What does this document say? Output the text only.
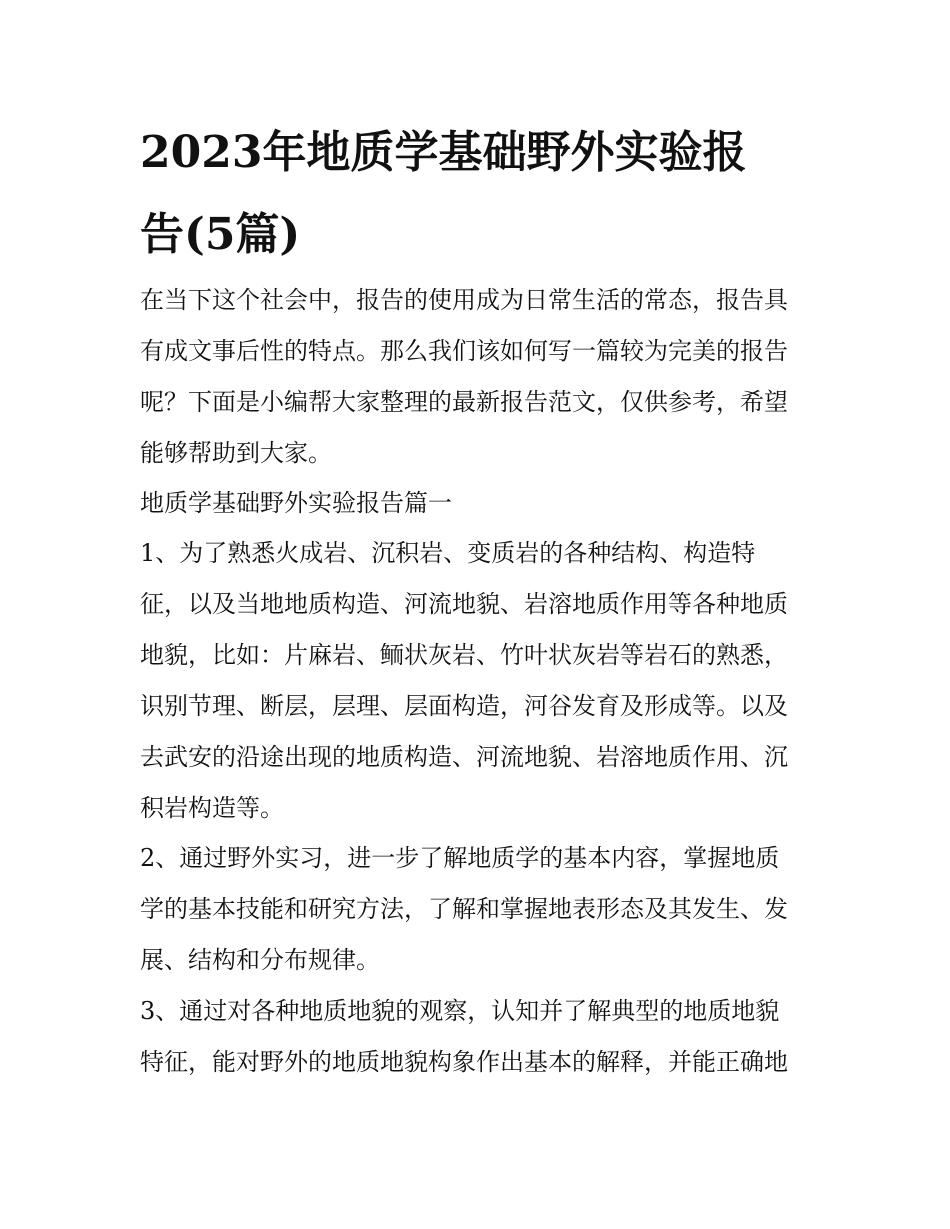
2023年地质学基础野外实验报
告(5篇)
在当下这个社会中，报告的使用成为日常生活的常态，报告具
有成文事后性的特点。那么我们该如何写一篇较为完美的报告
呢？下面是小编帮大家整理的最新报告范文，仅供参考，希望
能够帮助到大家。
地质学基础野外实验报告篇一
1、为了熟悉火成岩、沉积岩、变质岩的各种结构、构造特
征，以及当地地质构造、河流地貌、岩溶地质作用等各种地质
地貌，比如：片麻岩、鲕状灰岩、竹叶状灰岩等岩石的熟悉，
识别节理、断层，层理、层面构造，河谷发育及形成等。以及
去武安的沿途出现的地质构造、河流地貌、岩溶地质作用、沉
积岩构造等。
2、通过野外实习，进一步了解地质学的基本内容，掌握地质
学的基本技能和研究方法，了解和掌握地表形态及其发生、发
展、结构和分布规律。
3、通过对各种地质地貌的观察，认知并了解典型的地质地貌
特征，能对野外的地质地貌构象作出基本的解释，并能正确地
